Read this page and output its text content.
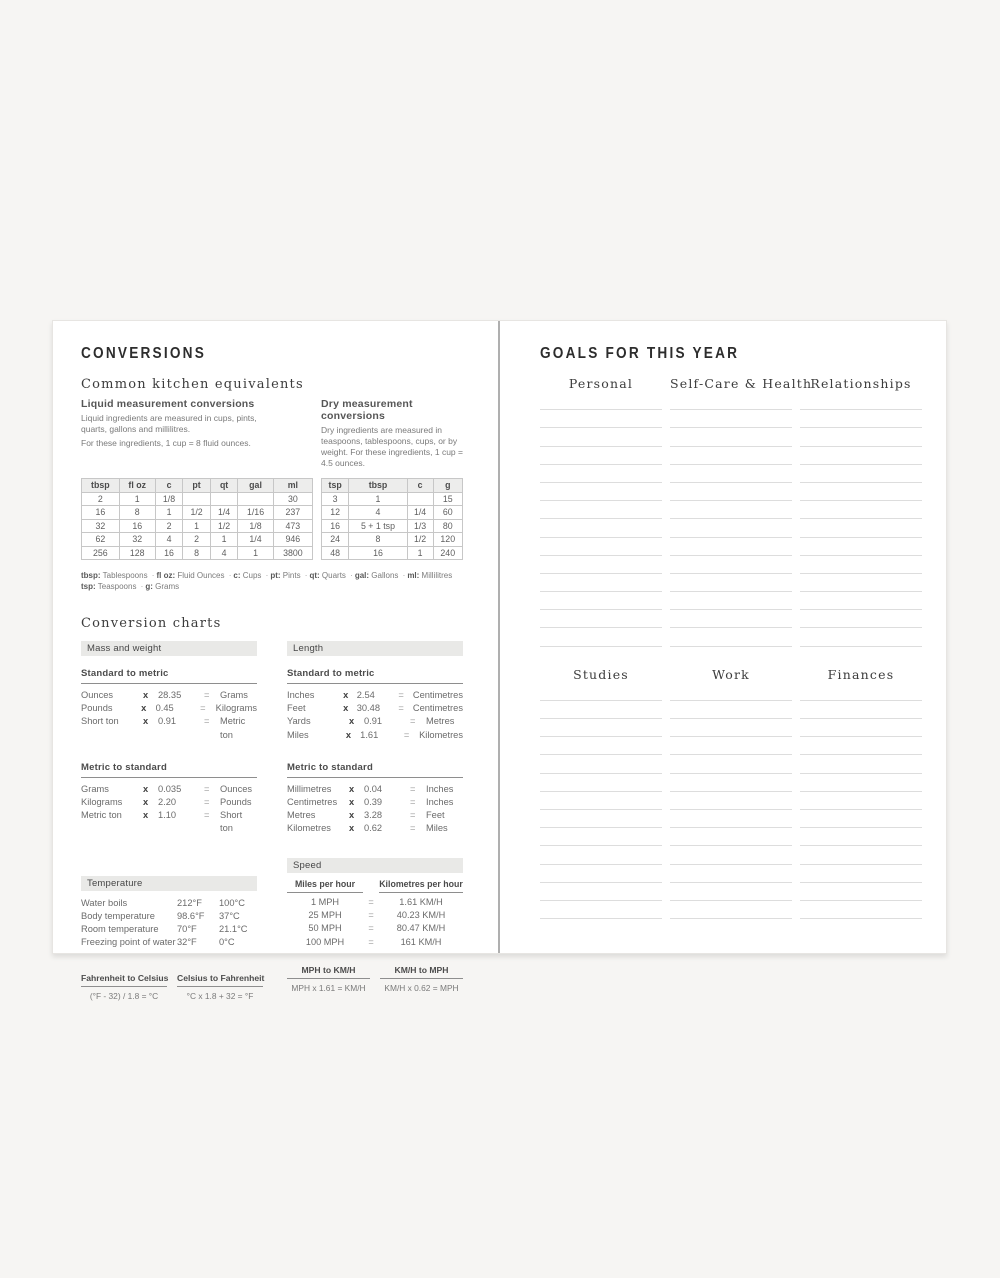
CONVERSIONS
Common kitchen equivalents
Liquid measurement conversions
Liquid ingredients are measured in cups, pints, quarts, gallons and millilitres.
For these ingredients, 1 cup = 8 fluid ounces.
Dry measurement conversions
Dry ingredients are measured in teaspoons, tablespoons, cups, or by weight. For these ingredients, 1 cup = 4.5 ounces.
tbsp	fl oz	c	pt	qt	gal	ml
2	1	1/8				30
16	8	1	1/2	1/4	1/16	237
32	16	2	1	1/2	1/8	473
62	32	4	2	1	1/4	946
256	128	16	8	4	1	3800
tsp	tbsp	c	g
3	1		15
12	4	1/4	60
16	5 + 1 tsp	1/3	80
24	8	1/2	120
48	16	1	240
tbsp: Tablespoons · fl oz: Fluid Ounces · c: Cups · pt: Pints · qt: Quarts · gal: Gallons · ml: Millilitres
tsp: Teaspoons · g: Grams
Conversion charts
Mass and weight
Standard to metric
Ounces	x	28.35	=	Grams
Pounds	x	0.45	=	Kilograms
Short ton	x	0.91	=	Metric ton
Metric to standard
Grams	x	0.035	=	Ounces
Kilograms	x	2.20	=	Pounds
Metric ton	x	1.10	=	Short ton
Temperature
Water boils	212°F	100°C
Body temperature	98.6°F	37°C
Room temperature	70°F	21.1°C
Freezing point of water 32°F	0°C
Fahrenheit to Celsius
(°F - 32) / 1.8 = °C
Celsius to Fahrenheit
°C x 1.8 + 32 = °F
Length
Standard to metric
Inches	x 2.54	= Centimetres
Feet	x 30.48	= Centimetres
Yards	x	0.91	=	Metres
Miles	x 1.61	=	Kilometres
Metric to standard
Millimetres	x	0.04	=	Inches
Centimetres	x	0.39	=	Inches
Metres	x	3.28	=	Feet
Kilometres	x	0.62	=	Miles
Speed
Miles per hour	Kilometres per hour
1 MPH	=	1.61 KM/H
25 MPH	=	40.23 KM/H
50 MPH	=	80.47 KM/H
100 MPH	=	161 KM/H
MPH to KM/H
MPH x 1.61 = KM/H
KM/H to MPH
KM/H x 0.62 = MPH
GOALS FOR THIS YEAR
Personal	Self-Care & Health
Relationships
Studies	Work	Finances
